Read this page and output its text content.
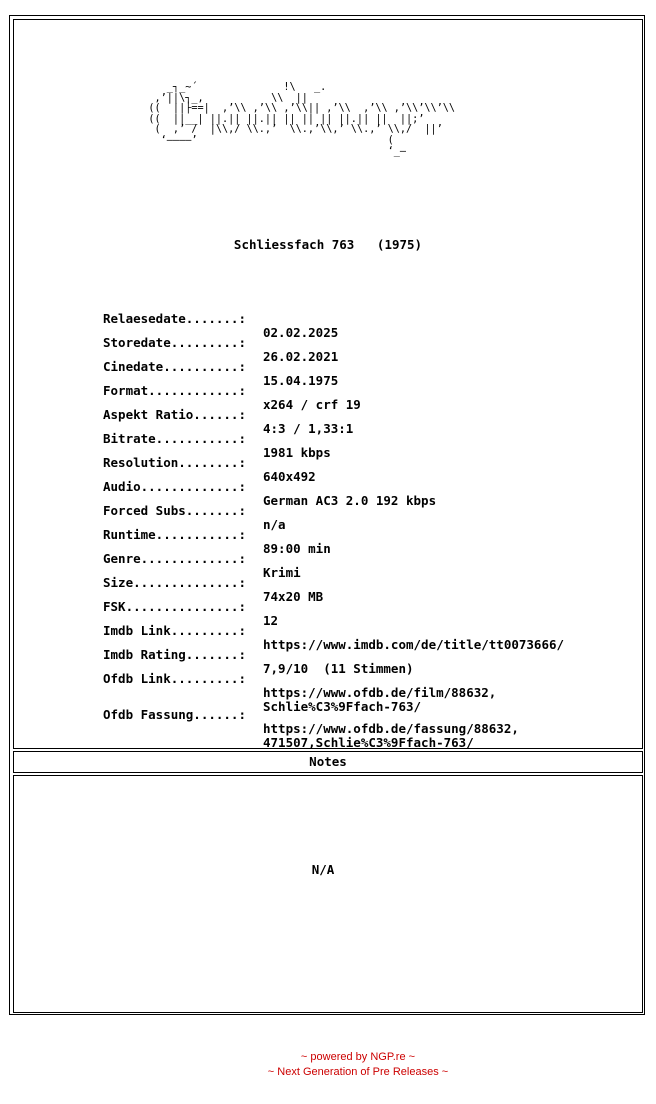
_┐_~´              !\   _.
,’||\┐_,           \\  ||
((  ||├==|  ,’\\ ,’\\ ,’\\|| ,’\\  ,’\\ ,’\\’\\’\\
((  ||__| ||.|| ||.|| || || || ||.|| ||  ||;’
(  ,’ /  |\\,/ \\.,’  \\.,’\\,’ \\.,’ \\,/  ||’
‘————’                               (
‘_—
Schliessfach 763 (1975)

Relaesedate.......:

02.02.2025

Storedate.........:

26.02.2021

Cinedate..........:

15.04.1975

Format............:

x264 / crf 19

Aspekt Ratio......:

4:3 / 1,33:1

Bitrate...........:

1981 kbps

Resolution........:

640x492

Audio.............:

German AC3 2.0 192 kbps

Forced Subs.......:

n/a

Runtime...........:

89:00 min

Genre.............:

Krimi

Size..............:

74x20 MB

FSK...............:

12

Imdb Link.........:

https://www.imdb.com/de/title/tt0073666/

Imdb Rating.......:

7,9/10  (11 Stimmen)

Ofdb Link.........:

https://www.ofdb.de/film/88632,
Schlie%C3%9Ffach-763/

Ofdb Fassung......:

https://www.ofdb.de/fassung/88632,
471507,Schlie%C3%9Ffach-763/

Notes
N/A
~ powered by NGP.re ~
~ Next Generation of Pre Releases ~
